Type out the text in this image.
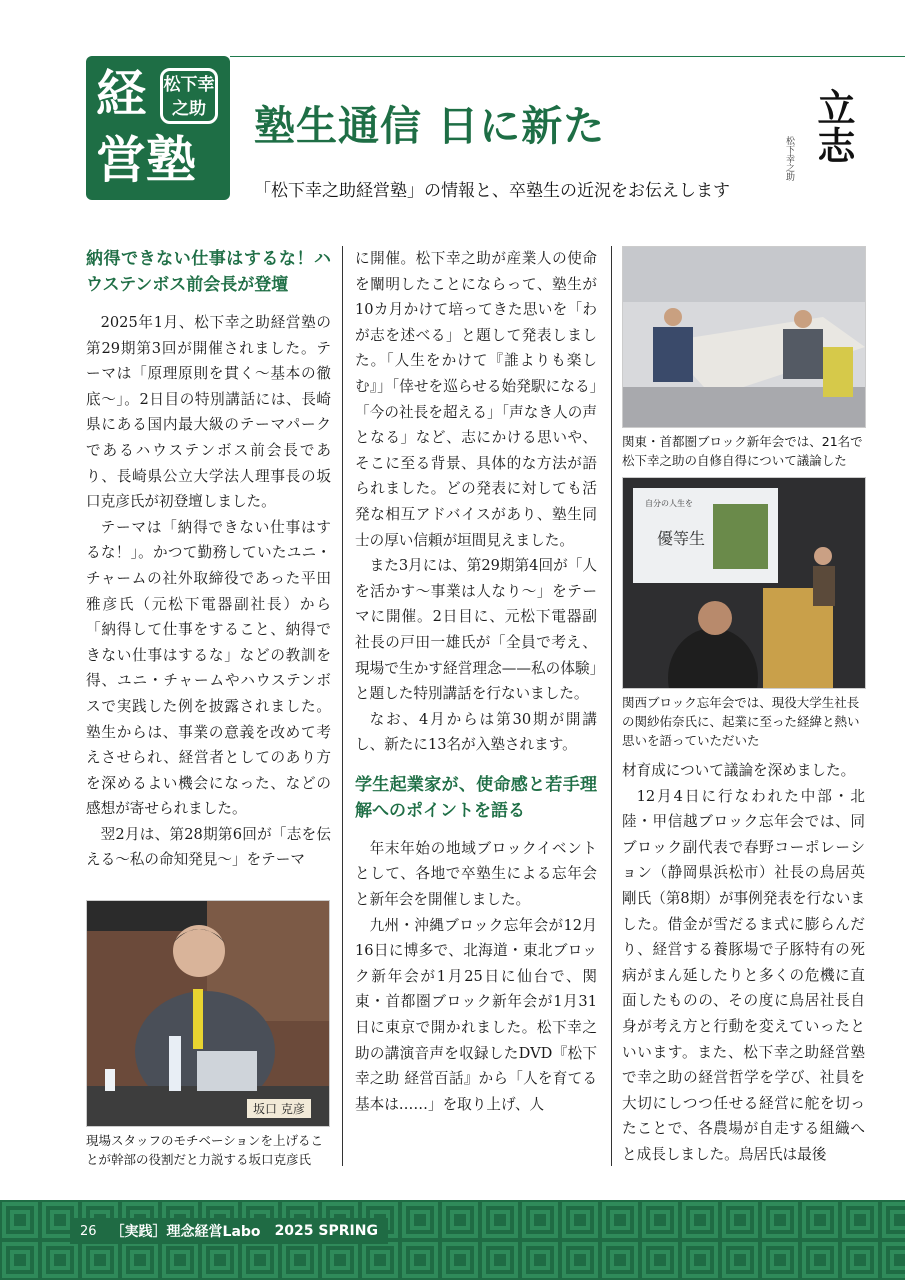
経 松下幸之助
営塾
塾生通信 日に新た
「松下幸之助経営塾」の情報と、卒塾生の近況をお伝えします
立志
松下幸之助
納得できない仕事はするな！ハウステンボス前会長が登壇

2025年1月、松下幸之助経営塾の第29期第3回が開催されました。テーマは「原理原則を貫く〜基本の徹底〜」。2日目の特別講話には、長崎県にある国内最大級のテーマパークであるハウステンボス前会長であり、長崎県公立大学法人理事長の坂口克彦氏が初登壇しました。

テーマは「納得できない仕事はするな！」。かつて勤務していたユニ・チャームの社外取締役であった平田雅彦氏（元松下電器副社長）から「納得して仕事をすること、納得できない仕事はするな」などの教訓を得、ユニ・チャームやハウステンボスで実践した例を披露されました。塾生からは、事業の意義を改めて考えさせられ、経営者としてのあり方を深めるよい機会になった、などの感想が寄せられました。

翌2月は、第28期第6回が「志を伝える〜私の命知発見〜」をテーマ

坂口 克彦
現場スタッフのモチベーションを上げることが幹部の役割だと力説する坂口克彦氏

に開催。松下幸之助が産業人の使命を闡明したことにならって、塾生が10カ月かけて培ってきた思いを「わが志を述べる」と題して発表しました。「人生をかけて『誰よりも楽しむ』」「倖せを巡らせる始発駅になる」「今の社長を超える」「声なき人の声となる」など、志にかける思いや、そこに至る背景、具体的な方法が語られました。どの発表に対しても活発な相互アドバイスがあり、塾生同士の厚い信頼が垣間見えました。

また3月には、第29期第4回が「人を活かす〜事業は人なり〜」をテーマに開催。2日目に、元松下電器副社長の戸田一雄氏が「全員で考え、現場で生かす経営理念——私の体験」と題した特別講話を行ないました。

なお、4月からは第30期が開講し、新たに13名が入塾されます。

学生起業家が、使命感と若手理解へのポイントを語る

年末年始の地域ブロックイベントとして、各地で卒塾生による忘年会と新年会を開催しました。

九州・沖縄ブロック忘年会が12月16日に博多で、北海道・東北ブロック新年会が1月25日に仙台で、関東・首都圏ブロック新年会が1月31日に東京で開かれました。松下幸之助の講演音声を収録したDVD『松下幸之助 経営百話』から「人を育てる基本は……」を取り上げ、人

関東・首都圏ブロック新年会では、21名で松下幸之助の自修自得について議論した
自分の人生を
優等生
関西ブロック忘年会では、現役大学生社長の関紗佑奈氏に、起業に至った経緯と熱い思いを語っていただいた

材育成について議論を深めました。

12月4日に行なわれた中部・北陸・甲信越ブロック忘年会では、同ブロック副代表で春野コーポレーション（静岡県浜松市）社長の鳥居英剛氏（第8期）が事例発表を行ないました。借金が雪だるま式に膨らんだり、経営する養豚場で子豚特有の死病がまん延したりと多くの危機に直面したものの、その度に鳥居社長自身が考え方と行動を変えていったといいます。また、松下幸之助経営塾で幸之助の経営哲学を学び、社員を大切にしつつ任せる経営に舵を切ったことで、各農場が自走する組織へと成長しました。鳥居氏は最後

26 ［実践］理念経営Labo 2025 SPRING
